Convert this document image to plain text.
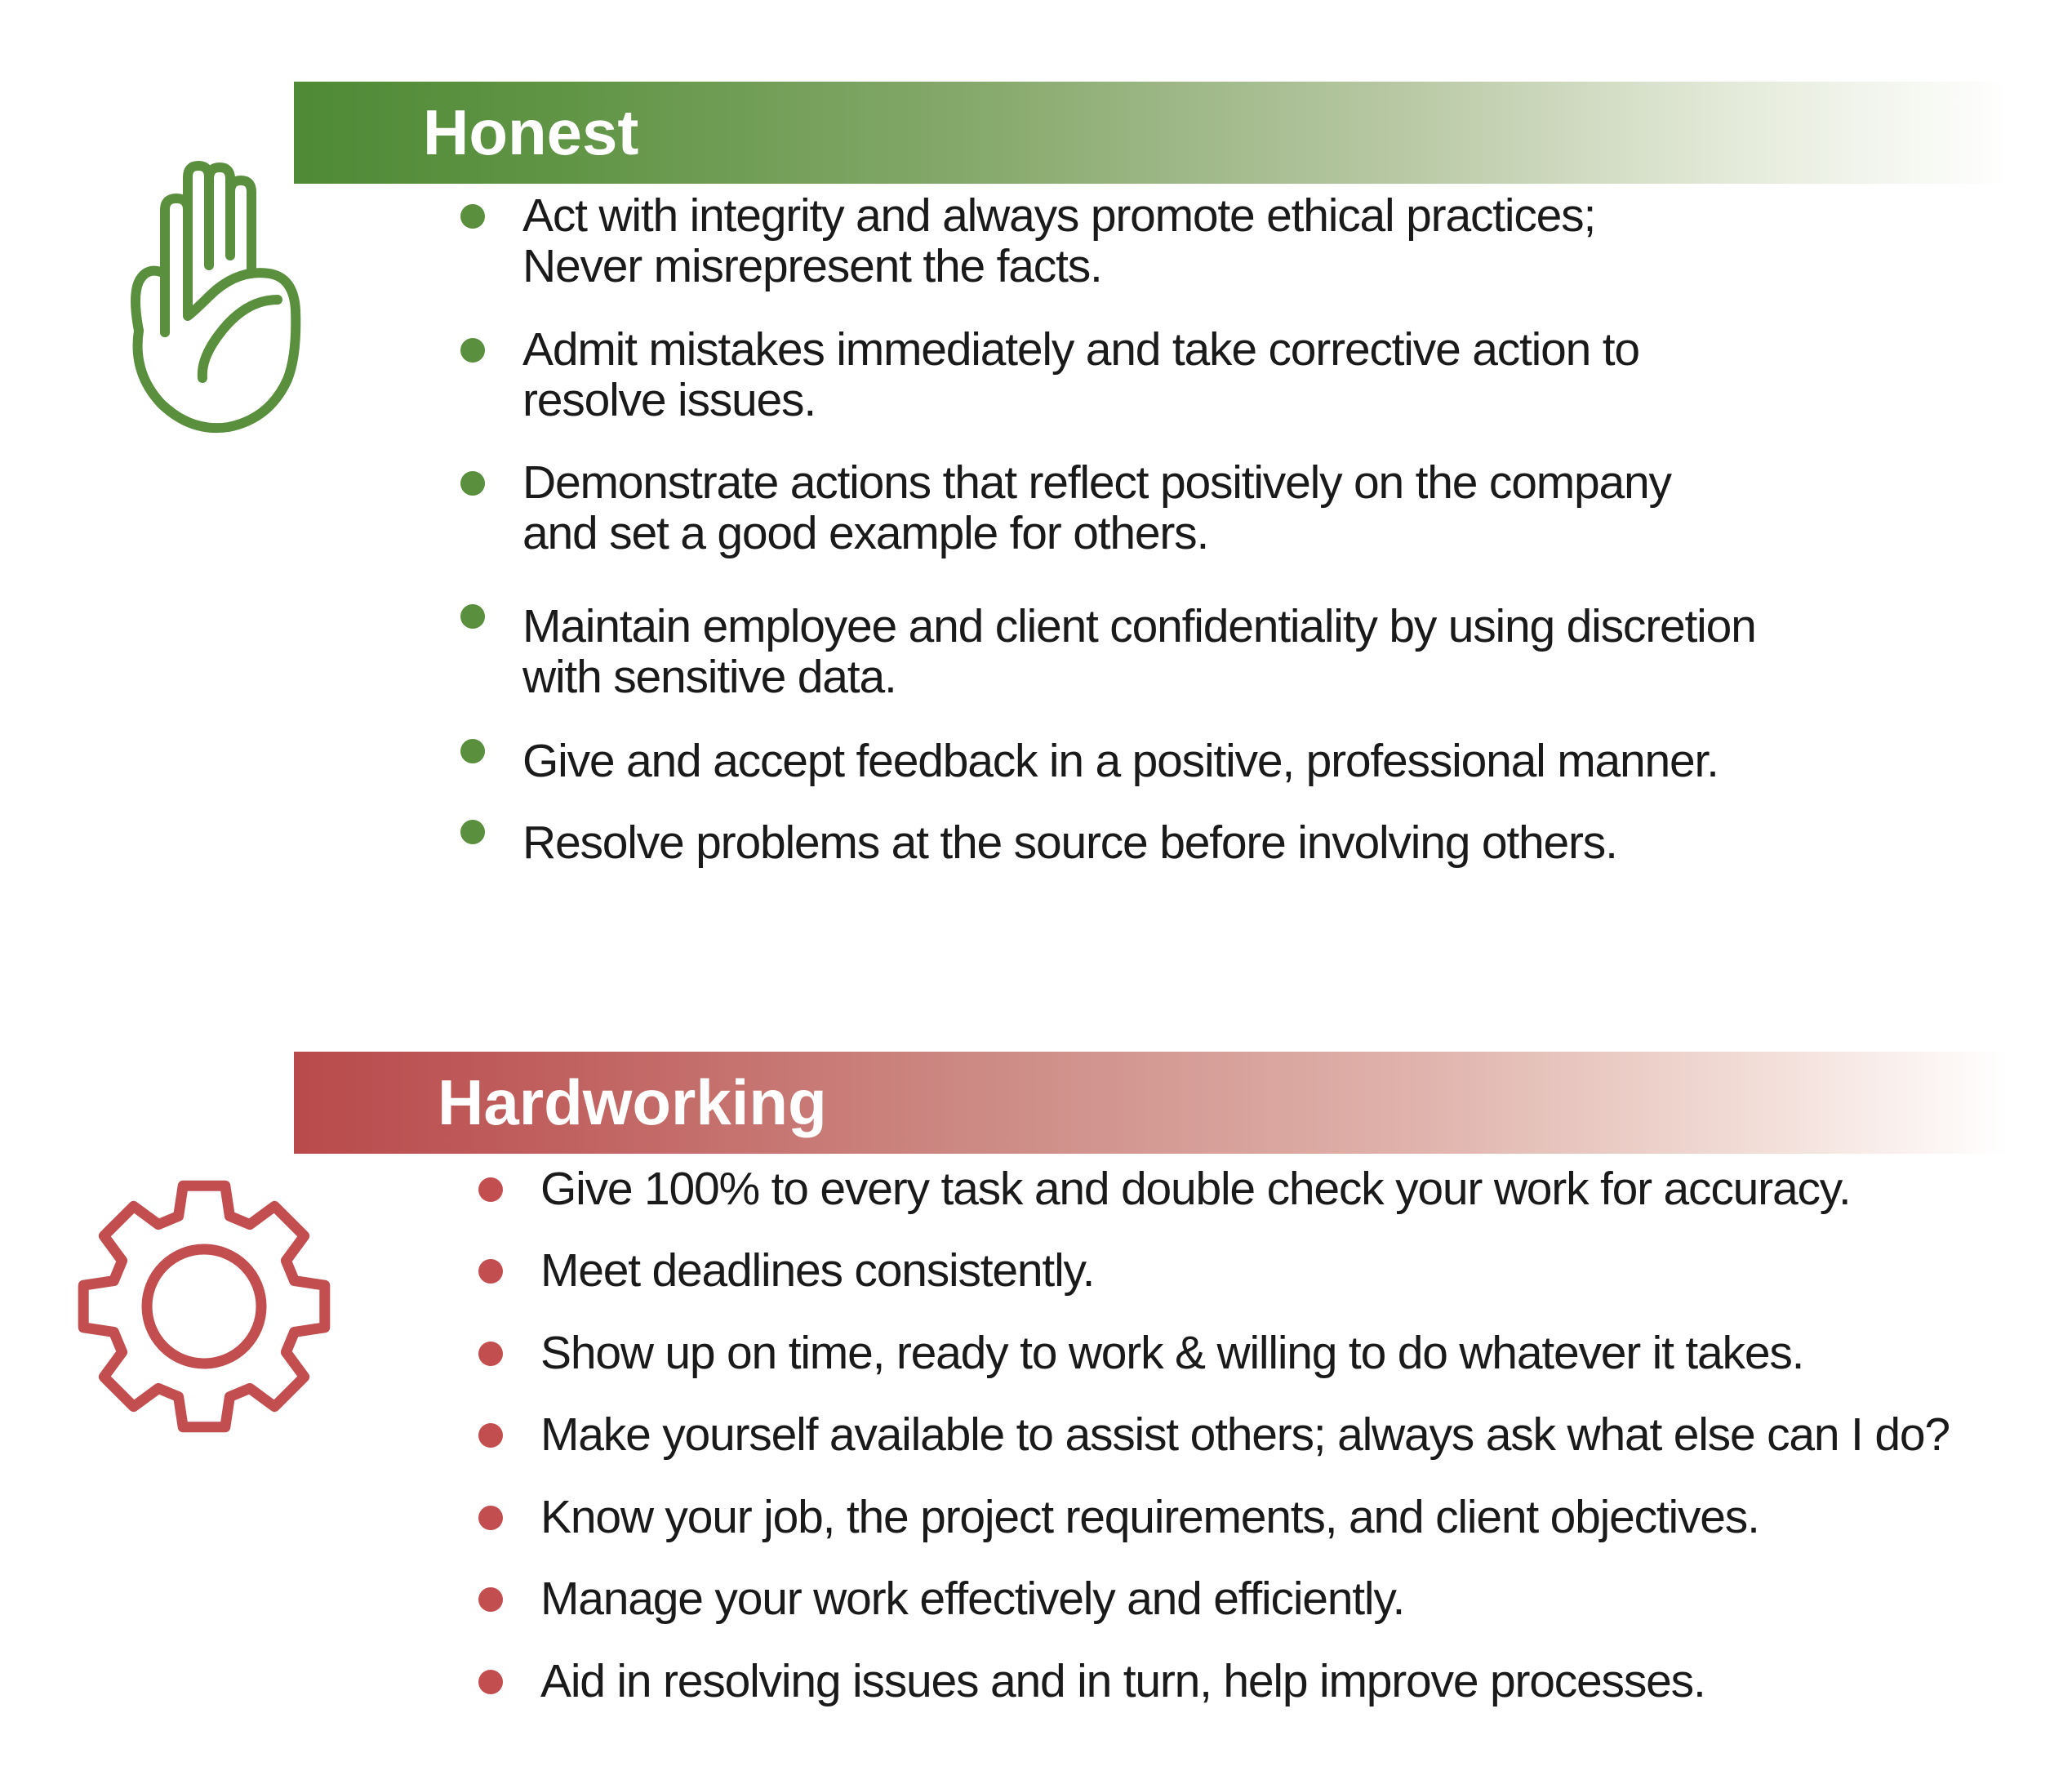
Honest
Act with integrity and always promote ethical practices;
Never misrepresent the facts.
Admit mistakes immediately and take corrective action to
resolve issues.
Demonstrate actions that reflect positively on the company
and set a good example for others.
Maintain employee and client confidentiality by using discretion
with sensitive data.
Give and accept feedback in a positive, professional manner.
Resolve problems at the source before involving others.
Hardworking
Give 100% to every task and double check your work for accuracy.
Meet deadlines consistently.
Show up on time, ready to work & willing to do whatever it takes.
Make yourself available to assist others; always ask what else can I do?
Know your job, the project requirements, and client objectives.
Manage your work effectively and efficiently.
Aid in resolving issues and in turn, help improve processes.
